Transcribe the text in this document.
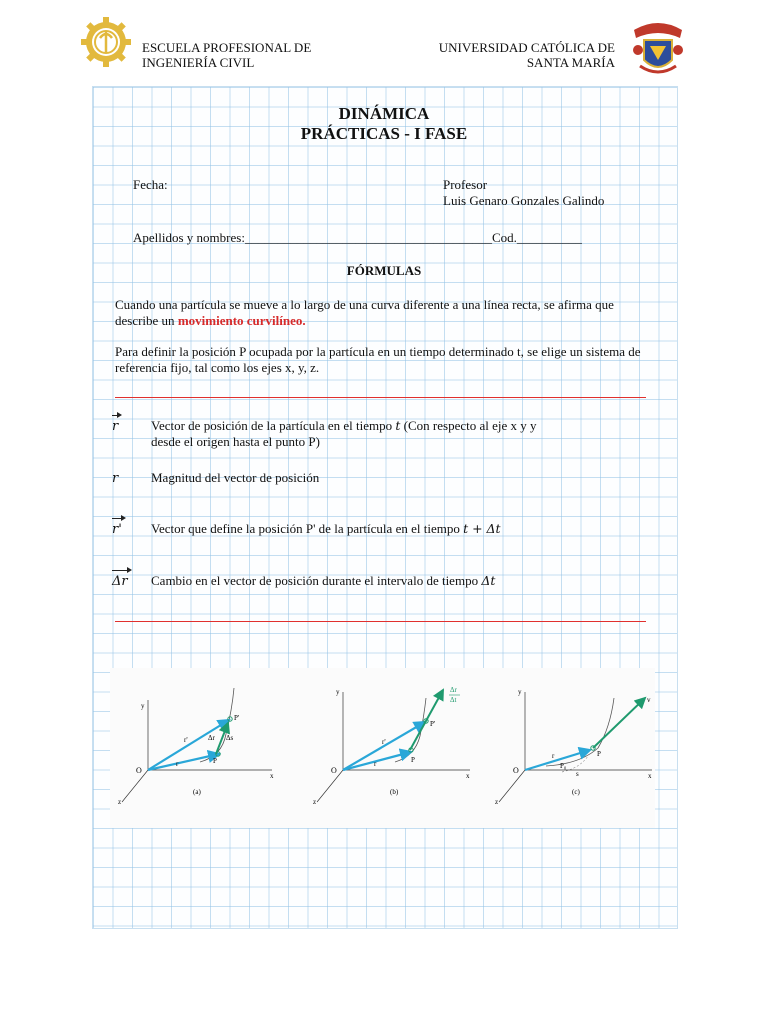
ESCUELA PROFESIONAL DE
INGENIERÍA CIVIL
UNIVERSIDAD CATÓLICA DE
SANTA MARÍA
DINÁMICA
PRÁCTICAS - I FASE
Fecha:	Profesor
Luis Genaro Gonzales Galindo
Apellidos y nombres:______________________________________Cod.__________
FÓRMULAS
Cuando una partícula se mueve a lo largo de una curva diferente a una línea recta, se afirma que describe un movimiento curvilíneo.
Para definir la posición P ocupada por la partícula en un tiempo determinado t, se elige un sistema de referencia fijo, tal como los ejes x, y, z.
r	Vector de posición de la partícula en el tiempo t (Con respecto al eje x y y
desde el origen hasta el punto P)
r	Magnitud del vector de posición
r' Vector que define la posición P' de la partícula en el tiempo t + Δt
Δr Cambio en el vector de posición durante el intervalo de tiempo Δt
y
x
z
O
P
P'
r
r'	Δr Δs
(a)
y
x
z
O
P
P'
r
r'
Δr
Δt
(b)
y
x
z
O
P
r
v
P₀
s
(c)
